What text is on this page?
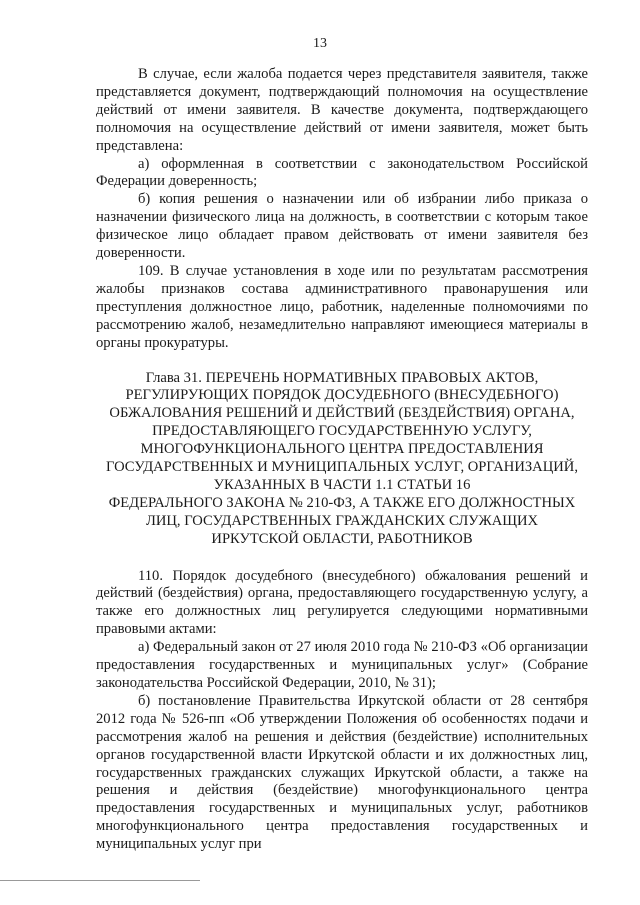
13

В случае, если жалоба подается через представителя заявителя, также представляется документ, подтверждающий полномочия на осуществление действий от имени заявителя. В качестве документа, подтверждающего полномочия на осуществление действий от имени заявителя, может быть представлена:

а) оформленная в соответствии с законодательством Российской Федерации доверенность;

б) копия решения о назначении или об избрании либо приказа о назначении физического лица на должность, в соответствии с которым такое физическое лицо обладает правом действовать от имени заявителя без доверенности.

109. В случае установления в ходе или по результатам рассмотрения жалобы признаков состава административного правонарушения или преступления должностное лицо, работник, наделенные полномочиями по рассмотрению жалоб, незамедлительно направляют имеющиеся материалы в органы прокуратуры.

Глава 31. ПЕРЕЧЕНЬ НОРМАТИВНЫХ ПРАВОВЫХ АКТОВ,
РЕГУЛИРУЮЩИХ ПОРЯДОК ДОСУДЕБНОГО (ВНЕСУДЕБНОГО)
ОБЖАЛОВАНИЯ РЕШЕНИЙ И ДЕЙСТВИЙ (БЕЗДЕЙСТВИЯ) ОРГАНА,
ПРЕДОСТАВЛЯЮЩЕГО ГОСУДАРСТВЕННУЮ УСЛУГУ,
МНОГОФУНКЦИОНАЛЬНОГО ЦЕНТРА ПРЕДОСТАВЛЕНИЯ
ГОСУДАРСТВЕННЫХ И МУНИЦИПАЛЬНЫХ УСЛУГ, ОРГАНИЗАЦИЙ,
УКАЗАННЫХ В ЧАСТИ 1.1 СТАТЬИ 16
ФЕДЕРАЛЬНОГО ЗАКОНА № 210-ФЗ, А ТАКЖЕ ЕГО ДОЛЖНОСТНЫХ
ЛИЦ, ГОСУДАРСТВЕННЫХ ГРАЖДАНСКИХ СЛУЖАЩИХ
ИРКУТСКОЙ ОБЛАСТИ, РАБОТНИКОВ

110. Порядок досудебного (внесудебного) обжалования решений и действий (бездействия) органа, предоставляющего государственную услугу, а также его должностных лиц регулируется следующими нормативными правовыми актами:

а) Федеральный закон от 27 июля 2010 года № 210-ФЗ «Об организации предоставления государственных и муниципальных услуг» (Собрание законодательства Российской Федерации, 2010, № 31);

б) постановление Правительства Иркутской области от 28 сентября 2012 года № 526-пп «Об утверждении Положения об особенностях подачи и рассмотрения жалоб на решения и действия (бездействие) исполнительных органов государственной власти Иркутской области и их должностных лиц, государственных гражданских служащих Иркутской области, а также на решения и действия (бездействие) многофункционального центра предоставления государственных и муниципальных услуг, работников многофункционального центра предоставления государственных и муниципальных услуг при
